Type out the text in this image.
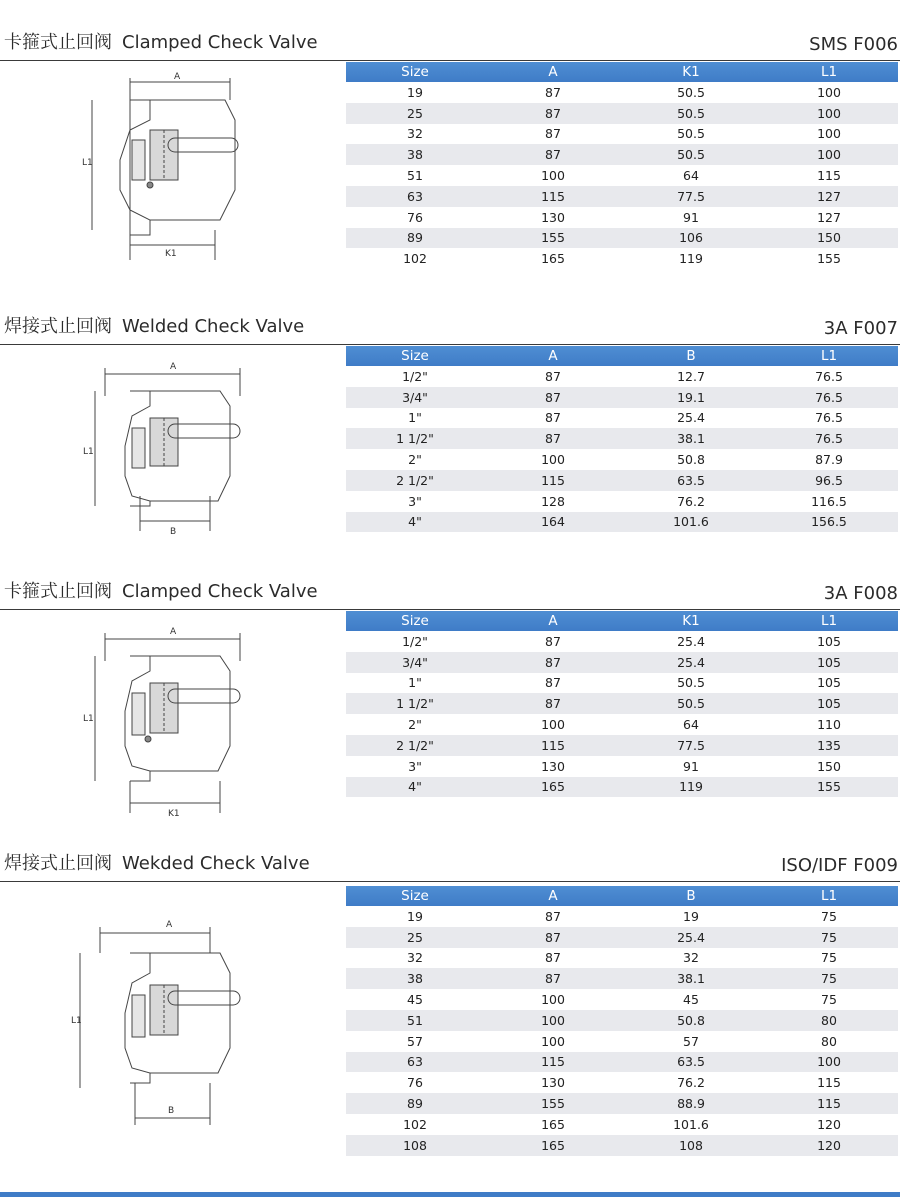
卡箍式止回阀 Clamped Check Valve	SMS F006
A
L1
K1
Size	A	K1	L1
19	87	50.5	100
25	87	50.5	100
32	87	50.5	100
38	87	50.5	100
51	100	64	115
63	115	77.5	127
76	130	91	127
89	155	106	150
102	165	119	155
焊接式止回阀 Welded Check Valve	3A F007
A
L1
B
Size	A	B	L1
1/2"	87	12.7	76.5
3/4"	87	19.1	76.5
1"	87	25.4	76.5
1 1/2"	87	38.1	76.5
2"	100	50.8	87.9
2 1/2"	115	63.5	96.5
3"	128	76.2	116.5
4"	164	101.6	156.5
卡箍式止回阀 Clamped Check Valve	3A F008
A
L1
K1
Size	A	K1	L1
1/2"	87	25.4	105
3/4"	87	25.4	105
1"	87	50.5	105
1 1/2"	87	50.5	105
2"	100	64	110
2 1/2"	115	77.5	135
3"	130	91	150
4"	165	119	155
焊接式止回阀 Wekded Check Valve	ISO/IDF F009
A
L1
B
Size	A	B	L1
19	87	19	75
25	87	25.4	75
32	87	32	75
38	87	38.1	75
45	100	45	75
51	100	50.8	80
57	100	57	80
63	115	63.5	100
76	130	76.2	115
89	155	88.9	115
102	165	101.6	120
108	165	108	120
